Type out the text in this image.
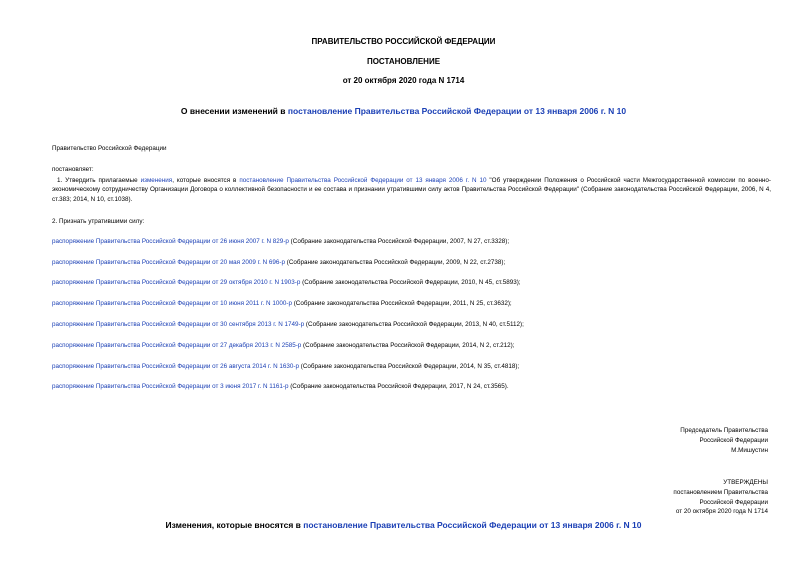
ПРАВИТЕЛЬСТВО РОССИЙСКОЙ ФЕДЕРАЦИИ
ПОСТАНОВЛЕНИЕ
от 20 октября 2020 года N 1714
О внесении изменений в постановление Правительства Российской Федерации от 13 января 2006 г. N 10
Правительство Российской Федерации
постановляет:
1. Утвердить прилагаемые изменения, которые вносятся в постановление Правительства Российской Федерации от 13 января 2006 г. N 10 "Об утверждении Положения о Российской части Межгосударственной комиссии по военно-экономическому сотрудничеству Организации Договора о коллективной безопасности и ее состава и признании утратившими силу актов Правительства Российской Федерации" (Собрание законодательства Российской Федерации, 2006, N 4, ст.383; 2014, N 10, ст.1038).
2. Признать утратившими силу:
распоряжение Правительства Российской Федерации от 26 июня 2007 г. N 829-р (Собрание законодательства Российской Федерации, 2007, N 27, ст.3328);
распоряжение Правительства Российской Федерации от 20 мая 2009 г. N 696-р (Собрание законодательства Российской Федерации, 2009, N 22, ст.2738);
распоряжение Правительства Российской Федерации от 29 октября 2010 г. N 1903-р (Собрание законодательства Российской Федерации, 2010, N 45, ст.5893);
распоряжение Правительства Российской Федерации от 10 июня 2011 г. N 1000-р (Собрание законодательства Российской Федерации, 2011, N 25, ст.3632);
распоряжение Правительства Российской Федерации от 30 сентября 2013 г. N 1749-р (Собрание законодательства Российской Федерации, 2013, N 40, ст.5112);
распоряжение Правительства Российской Федерации от 27 декабря 2013 г. N 2585-р (Собрание законодательства Российской Федерации, 2014, N 2, ст.212);
распоряжение Правительства Российской Федерации от 26 августа 2014 г. N 1630-р (Собрание законодательства Российской Федерации, 2014, N 35, ст.4818);
распоряжение Правительства Российской Федерации от 3 июня 2017 г. N 1161-р (Собрание законодательства Российской Федерации, 2017, N 24, ст.3565).
Председатель Правительства
Российской Федерации
М.Мишустин
УТВЕРЖДЕНЫ
постановлением Правительства
Российской Федерации
от 20 октября 2020 года N 1714
Изменения, которые вносятся в постановление Правительства Российской Федерации от 13 января 2006 г. N 10
